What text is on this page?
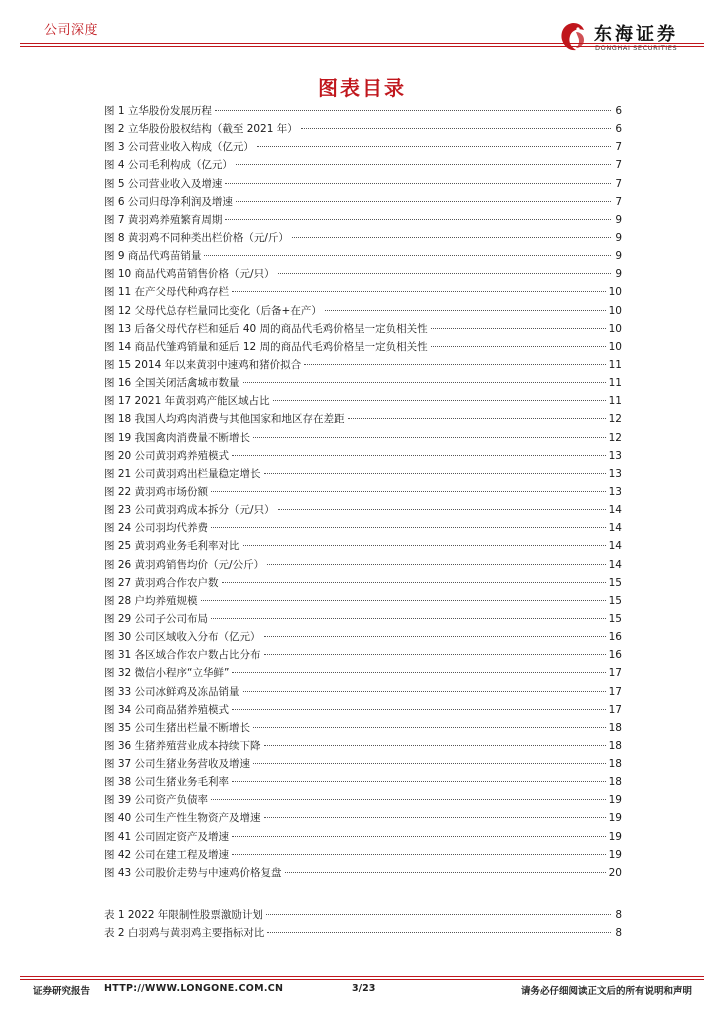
公司深度	东海证券
DONGHAI SECURITIES
图表目录
图 1 立华股份发展历程	6
图 2 立华股份股权结构（截至 2021 年）	6
图 3 公司营业收入构成（亿元）	7
图 4 公司毛利构成（亿元）	7
图 5 公司营业收入及增速	7
图 6 公司归母净利润及增速	7
图 7 黄羽鸡养殖繁育周期	9
图 8 黄羽鸡不同种类出栏价格（元/斤）	9
图 9 商品代鸡苗销量	9
图 10 商品代鸡苗销售价格（元/只）	9
图 11 在产父母代种鸡存栏	10
图 12 父母代总存栏量同比变化（后备+在产）	10
图 13 后备父母代存栏和延后 40 周的商品代毛鸡价格呈一定负相关性	10
图 14 商品代雏鸡销量和延后 12 周的商品代毛鸡价格呈一定负相关性	10
图 15 2014 年以来黄羽中速鸡和猪价拟合	11
图 16 全国关闭活禽城市数量	11
图 17 2021 年黄羽鸡产能区域占比	11
图 18 我国人均鸡肉消费与其他国家和地区存在差距	12
图 19 我国禽肉消费量不断增长	12
图 20 公司黄羽鸡养殖模式	13
图 21 公司黄羽鸡出栏量稳定增长	13
图 22 黄羽鸡市场份额	13
图 23 公司黄羽鸡成本拆分（元/只）	14
图 24 公司羽均代养费	14
图 25 黄羽鸡业务毛利率对比	14
图 26 黄羽鸡销售均价（元/公斤）	14
图 27 黄羽鸡合作农户数	15
图 28 户均养殖规模	15
图 29 公司子公司布局	15
图 30 公司区域收入分布（亿元）	16
图 31 各区域合作农户数占比分布	16
图 32 微信小程序“立华鲜”	17
图 33 公司冰鲜鸡及冻品销量	17
图 34 公司商品猪养殖模式	17
图 35 公司生猪出栏量不断增长	18
图 36 生猪养殖营业成本持续下降	18
图 37 公司生猪业务营收及增速	18
图 38 公司生猪业务毛利率	18
图 39 公司资产负债率	19
图 40 公司生产性生物资产及增速	19
图 41 公司固定资产及增速	19
图 42 公司在建工程及增速	19
图 43 公司股价走势与中速鸡价格复盘	20
表 1 2022 年限制性股票激励计划	8
表 2 白羽鸡与黄羽鸡主要指标对比	8
证券研究报告 HTTP://WWW.LONGONE.COM.CN	3/23	请务必仔细阅读正文后的所有说明和声明
